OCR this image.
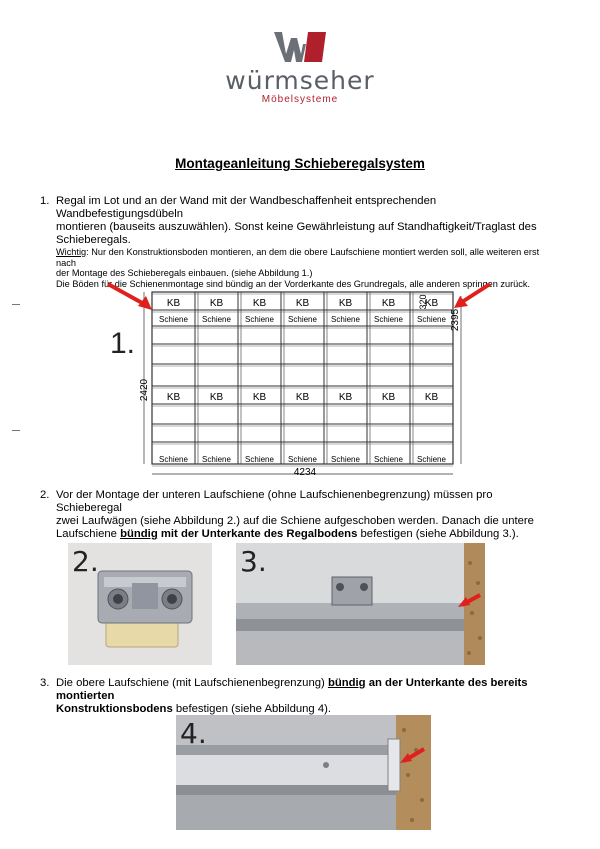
würmseher
Möbelsysteme
Montageanleitung Schieberegalsystem
1. Regal im Lot und an der Wand mit der Wandbeschaffenheit entsprechenden Wandbefestigungsdübeln
montieren (bauseits auszuwählen). Sonst keine Gewährleistung auf Standhaftigkeit/Traglast des
Schieberegals.
Wichtig: Nur den Konstruktionsboden montieren, an dem die obere Laufschiene montiert werden soll, alle weiteren erst nach
der Montage des Schieberegals einbauen. (siehe Abbildung 1.)
Die Böden für die Schienenmontage sind bündig an der Vorderkante des Grundregals, alle anderen springen zurück.
1.
KB
Schiene
KB
Schiene
KB
Schiene
KB
Schiene
KB
Schiene
KB
Schiene
KB
Schiene
KB
Schiene
KB
Schiene
KB
Schiene
KB
Schiene
KB
Schiene
KB
Schiene
KB
Schiene
2420
2395
320
4234
2. Vor der Montage der unteren Laufschiene (ohne Laufschienenbegrenzung) müssen pro Schieberegal
zwei Laufwägen (siehe Abbildung 2.) auf die Schiene aufgeschoben werden. Danach die untere
Laufschiene bündig mit der Unterkante des Regalbodens befestigen (siehe Abbildung 3.).
2.	3.
3. Die obere Laufschiene (mit Laufschienenbegrenzung) bündig an der Unterkante des bereits montierten
Konstruktionsbodens befestigen (siehe Abbildung 4).
4.
